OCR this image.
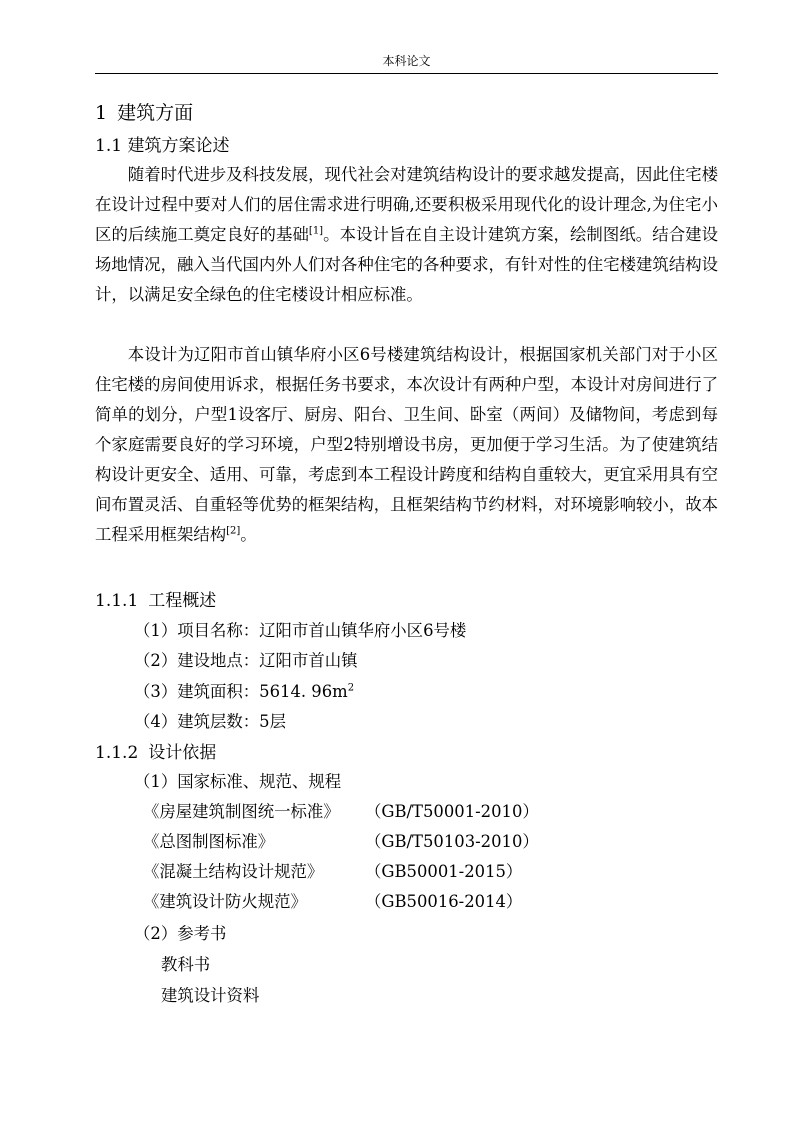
本科论文
1 建筑方面
1.1 建筑方案论述

随着时代进步及科技发展，现代社会对建筑结构设计的要求越发提高，因此住宅楼在设计过程中要对人们的居住需求进行明确,还要积极采用现代化的设计理念,为住宅小区的后续施工奠定良好的基础[1]。本设计旨在自主设计建筑方案，绘制图纸。结合建设场地情况，融入当代国内外人们对各种住宅的各种要求，有针对性的住宅楼建筑结构设计，以满足安全绿色的住宅楼设计相应标准。

本设计为辽阳市首山镇华府小区6号楼建筑结构设计，根据国家机关部门对于小区住宅楼的房间使用诉求，根据任务书要求，本次设计有两种户型，本设计对房间进行了简单的划分，户型1设客厅、厨房、阳台、卫生间、卧室（两间）及储物间，考虑到每个家庭需要良好的学习环境，户型2特别增设书房，更加便于学习生活。为了使建筑结构设计更安全、适用、可靠，考虑到本工程设计跨度和结构自重较大，更宜采用具有空间布置灵活、自重轻等优势的框架结构，且框架结构节约材料，对环境影响较小，故本工程采用框架结构[2]。

1.1.1 工程概述
（1）项目名称：辽阳市首山镇华府小区6号楼
（2）建设地点：辽阳市首山镇
（3）建筑面积：5614. $96m^2$
（4）建筑层数：5层
1.1.2 设计依据
（1）国家标准、规范、规程
《房屋建筑制图统一标准》 （GB/T50001-2010）
《总图制图标准》	（GB/T50103-2010）
《混凝土结构设计规范》	（GB50001-2015）
《建筑设计防火规范》	（GB50016-2014）
（2）参考书
教科书
建筑设计资料
